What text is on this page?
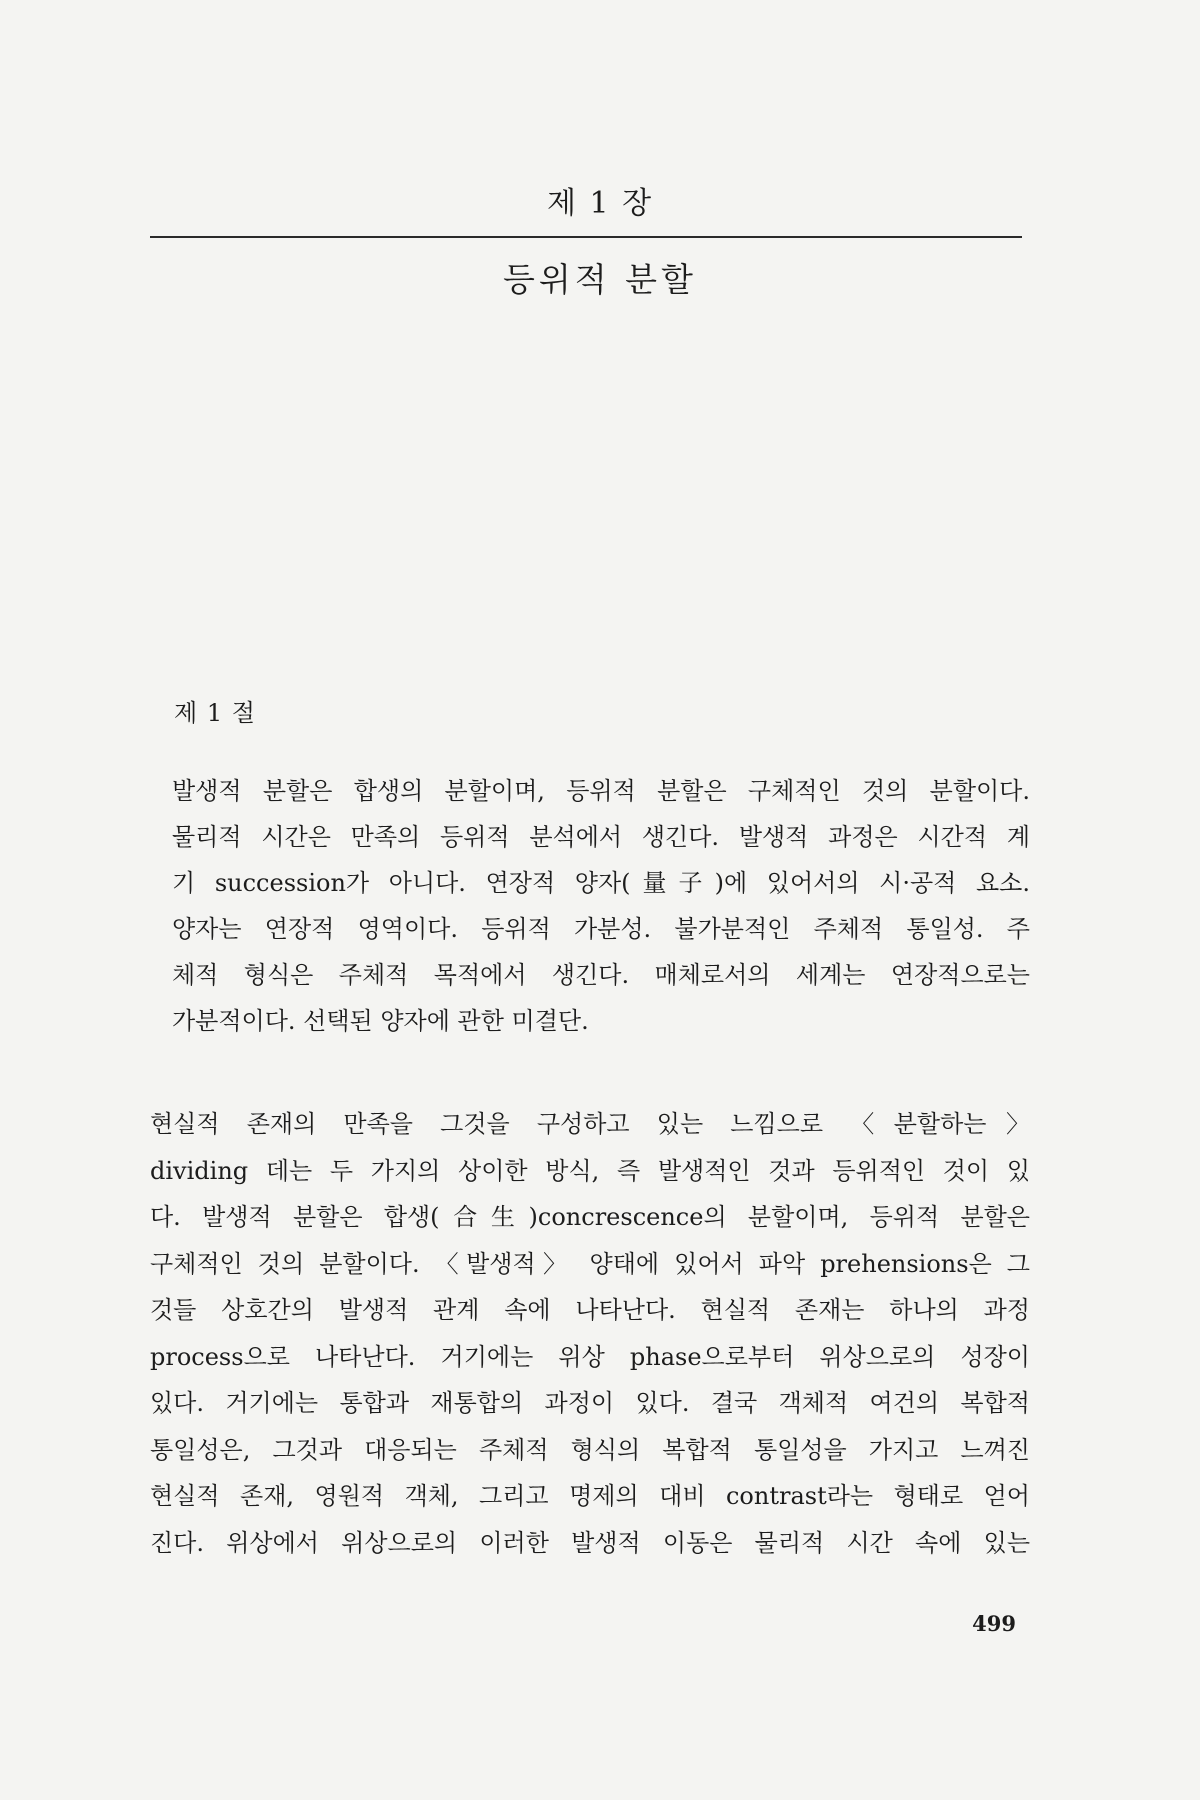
제 1 장
등위적 분할
제 1 절
발생적 분할은 합생의 분할이며, 등위적 분할은 구체적인 것의 분할이다.
물리적 시간은 만족의 등위적 분석에서 생긴다. 발생적 과정은 시간적 계
기 succession가 아니다. 연장적 양자(量子)에 있어서의 시·공적 요소.
양자는 연장적 영역이다. 등위적 가분성. 불가분적인 주체적 통일성. 주
체적 형식은 주체적 목적에서 생긴다. 매체로서의 세계는 연장적으로는
가분적이다. 선택된 양자에 관한 미결단.
현실적 존재의 만족을 그것을 구성하고 있는 느낌으로 〈분할하는〉
dividing 데는 두 가지의 상이한 방식, 즉 발생적인 것과 등위적인 것이 있
다. 발생적 분할은 합생(合生)concrescence의 분할이며, 등위적 분할은
구체적인 것의 분할이다. 〈발생적〉 양태에 있어서 파악 prehensions은 그
것들 상호간의 발생적 관계 속에 나타난다. 현실적 존재는 하나의 과정
process으로 나타난다. 거기에는 위상 phase으로부터 위상으로의 성장이
있다. 거기에는 통합과 재통합의 과정이 있다. 결국 객체적 여건의 복합적
통일성은, 그것과 대응되는 주체적 형식의 복합적 통일성을 가지고 느껴진
현실적 존재, 영원적 객체, 그리고 명제의 대비 contrast라는 형태로 얻어
진다. 위상에서 위상으로의 이러한 발생적 이동은 물리적 시간 속에 있는
499
